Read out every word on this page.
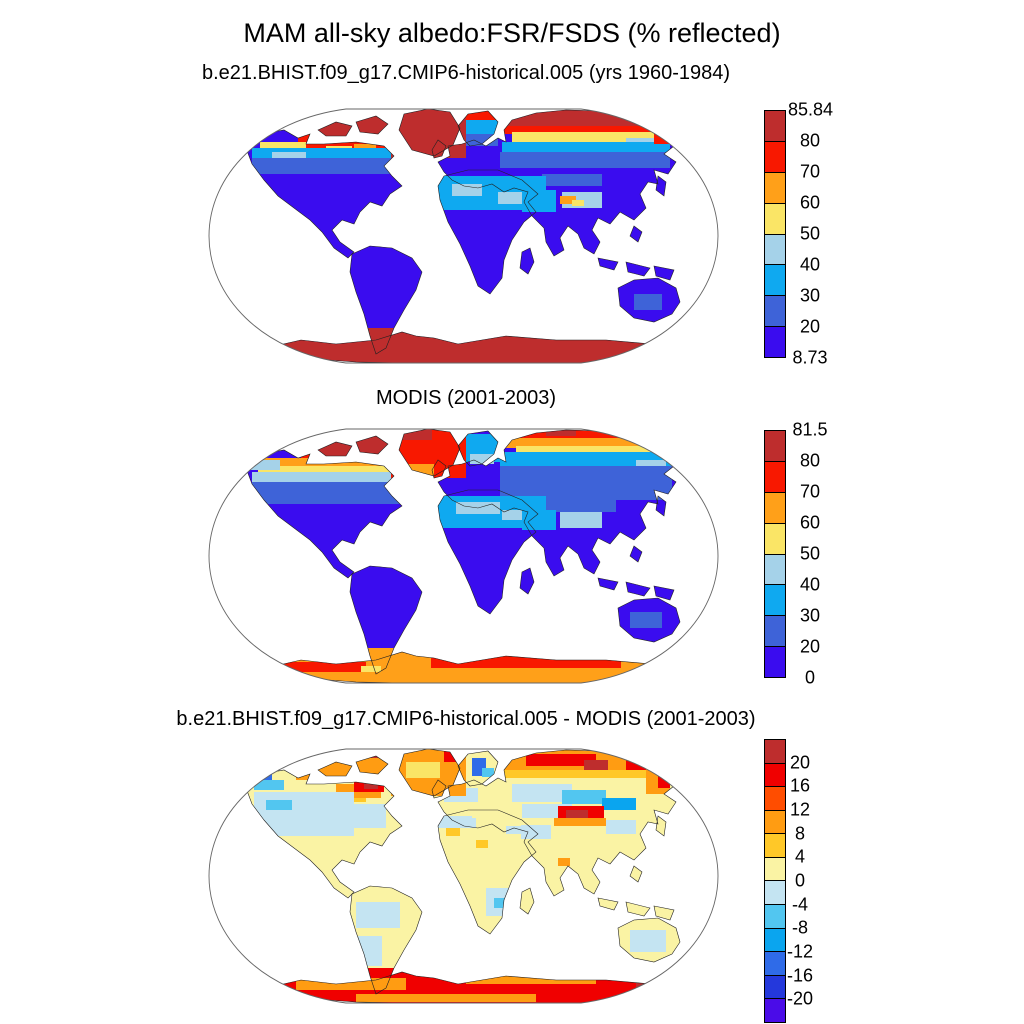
MAM all-sky albedo:FSR/FSDS (% reflected)
b.e21.BHIST.f09_g17.CMIP6-historical.005 (yrs 1960-1984)
85.84
80
70
60
50
40
30
20
8.73
MODIS (2001-2003)
81.5
80
70
60
50
40
30
20
0
b.e21.BHIST.f09_g17.CMIP6-historical.005 - MODIS (2001-2003)
20
16
12
8
4
0
-4
-8
-12
-16
-20
